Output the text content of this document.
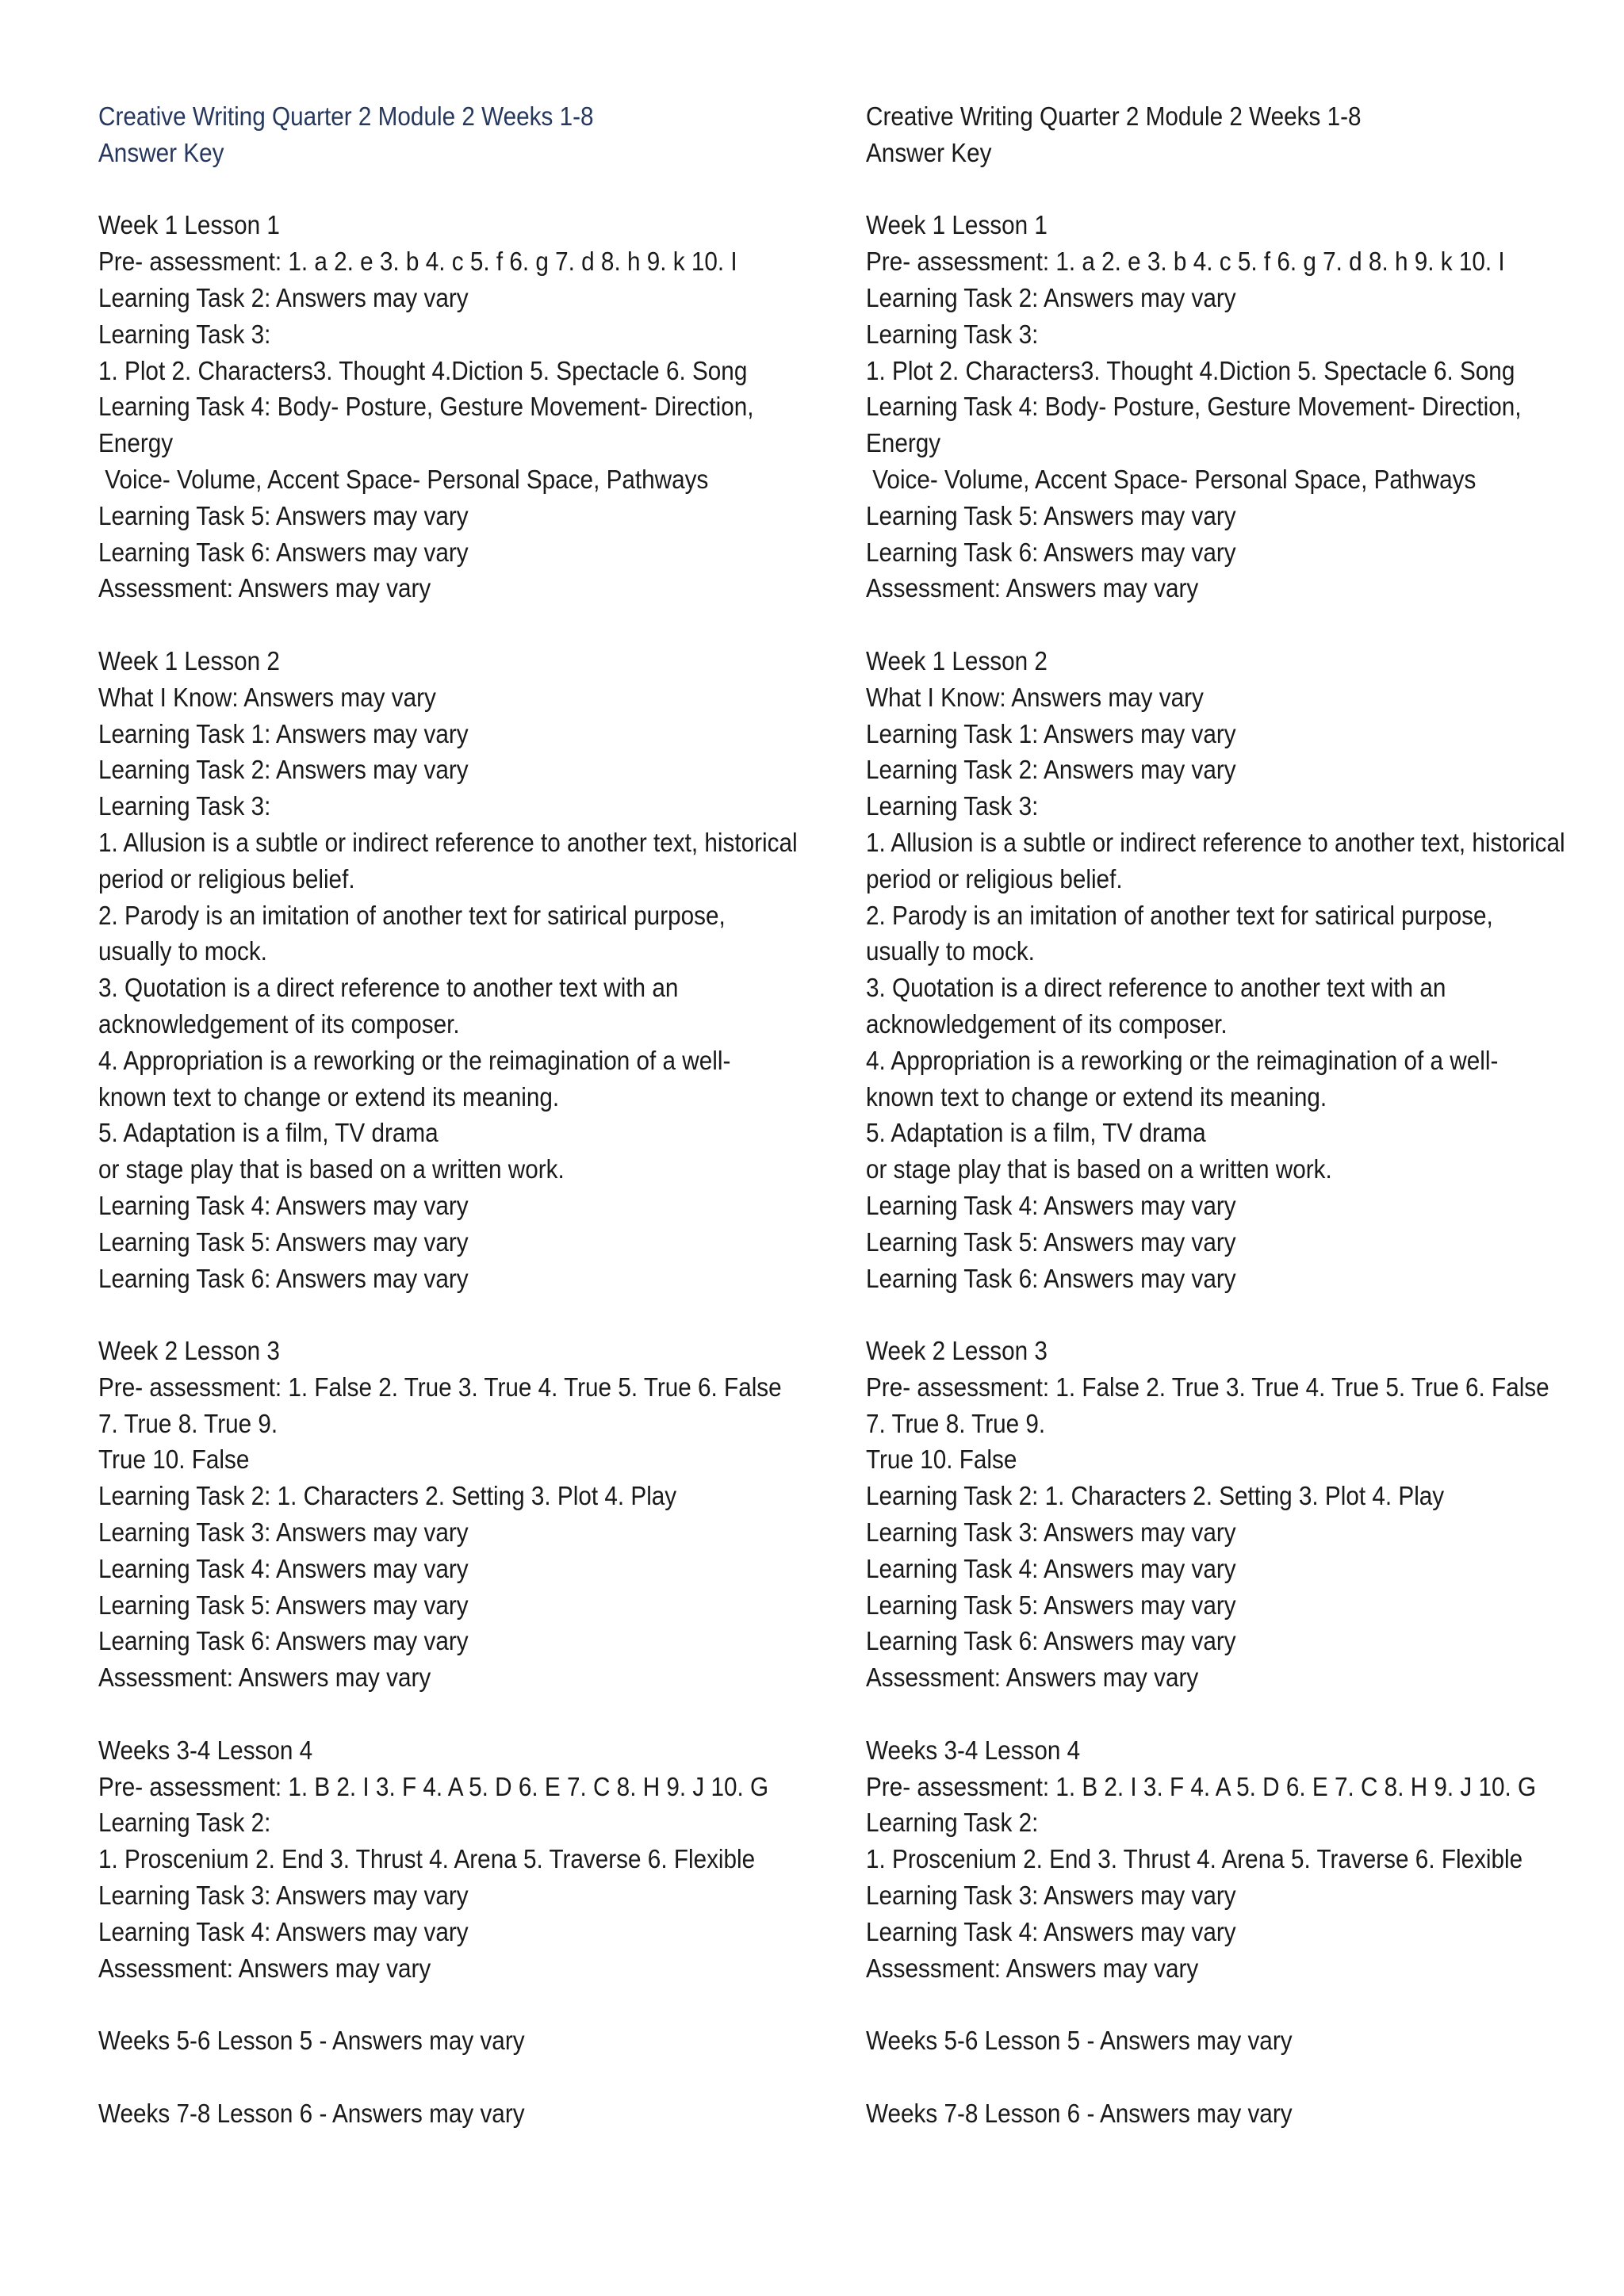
Creative Writing Quarter 2 Module 2 Weeks 1-8
Answer Key
Week 1 Lesson 1
Pre- assessment: 1. a 2. e 3. b 4. c 5. f 6. g 7. d 8. h 9. k 10. I
Learning Task 2: Answers may vary
Learning Task 3:
1. Plot 2. Characters3. Thought 4.Diction 5. Spectacle 6. Song
Learning Task 4: Body- Posture, Gesture Movement- Direction,
Energy
Voice- Volume, Accent Space- Personal Space, Pathways
Learning Task 5: Answers may vary
Learning Task 6: Answers may vary
Assessment: Answers may vary
Week 1 Lesson 2
What I Know: Answers may vary
Learning Task 1: Answers may vary
Learning Task 2: Answers may vary
Learning Task 3:
1. Allusion is a subtle or indirect reference to another text, historical
period or religious belief.
2. Parody is an imitation of another text for satirical purpose,
usually to mock.
3. Quotation is a direct reference to another text with an
acknowledgement of its composer.
4. Appropriation is a reworking or the reimagination of a well-
known text to change or extend its meaning.
5. Adaptation is a film, TV drama
or stage play that is based on a written work.
Learning Task 4: Answers may vary
Learning Task 5: Answers may vary
Learning Task 6: Answers may vary
Week 2 Lesson 3
Pre- assessment: 1. False 2. True 3. True 4. True 5. True 6. False
7. True 8. True 9.
True 10. False
Learning Task 2: 1. Characters 2. Setting 3. Plot 4. Play
Learning Task 3: Answers may vary
Learning Task 4: Answers may vary
Learning Task 5: Answers may vary
Learning Task 6: Answers may vary
Assessment: Answers may vary
Weeks 3-4 Lesson 4
Pre- assessment: 1. B 2. I 3. F 4. A 5. D 6. E 7. C 8. H 9. J 10. G
Learning Task 2:
1. Proscenium 2. End 3. Thrust 4. Arena 5. Traverse 6. Flexible
Learning Task 3: Answers may vary
Learning Task 4: Answers may vary
Assessment: Answers may vary
Weeks 5-6 Lesson 5 - Answers may vary
Weeks 7-8 Lesson 6 - Answers may vary
Creative Writing Quarter 2 Module 2 Weeks 1-8
Answer Key
Week 1 Lesson 1
Pre- assessment: 1. a 2. e 3. b 4. c 5. f 6. g 7. d 8. h 9. k 10. I
Learning Task 2: Answers may vary
Learning Task 3:
1. Plot 2. Characters3. Thought 4.Diction 5. Spectacle 6. Song
Learning Task 4: Body- Posture, Gesture Movement- Direction,
Energy
Voice- Volume, Accent Space- Personal Space, Pathways
Learning Task 5: Answers may vary
Learning Task 6: Answers may vary
Assessment: Answers may vary
Week 1 Lesson 2
What I Know: Answers may vary
Learning Task 1: Answers may vary
Learning Task 2: Answers may vary
Learning Task 3:
1. Allusion is a subtle or indirect reference to another text, historical
period or religious belief.
2. Parody is an imitation of another text for satirical purpose,
usually to mock.
3. Quotation is a direct reference to another text with an
acknowledgement of its composer.
4. Appropriation is a reworking or the reimagination of a well-
known text to change or extend its meaning.
5. Adaptation is a film, TV drama
or stage play that is based on a written work.
Learning Task 4: Answers may vary
Learning Task 5: Answers may vary
Learning Task 6: Answers may vary
Week 2 Lesson 3
Pre- assessment: 1. False 2. True 3. True 4. True 5. True 6. False
7. True 8. True 9.
True 10. False
Learning Task 2: 1. Characters 2. Setting 3. Plot 4. Play
Learning Task 3: Answers may vary
Learning Task 4: Answers may vary
Learning Task 5: Answers may vary
Learning Task 6: Answers may vary
Assessment: Answers may vary
Weeks 3-4 Lesson 4
Pre- assessment: 1. B 2. I 3. F 4. A 5. D 6. E 7. C 8. H 9. J 10. G
Learning Task 2:
1. Proscenium 2. End 3. Thrust 4. Arena 5. Traverse 6. Flexible
Learning Task 3: Answers may vary
Learning Task 4: Answers may vary
Assessment: Answers may vary
Weeks 5-6 Lesson 5 - Answers may vary
Weeks 7-8 Lesson 6 - Answers may vary
